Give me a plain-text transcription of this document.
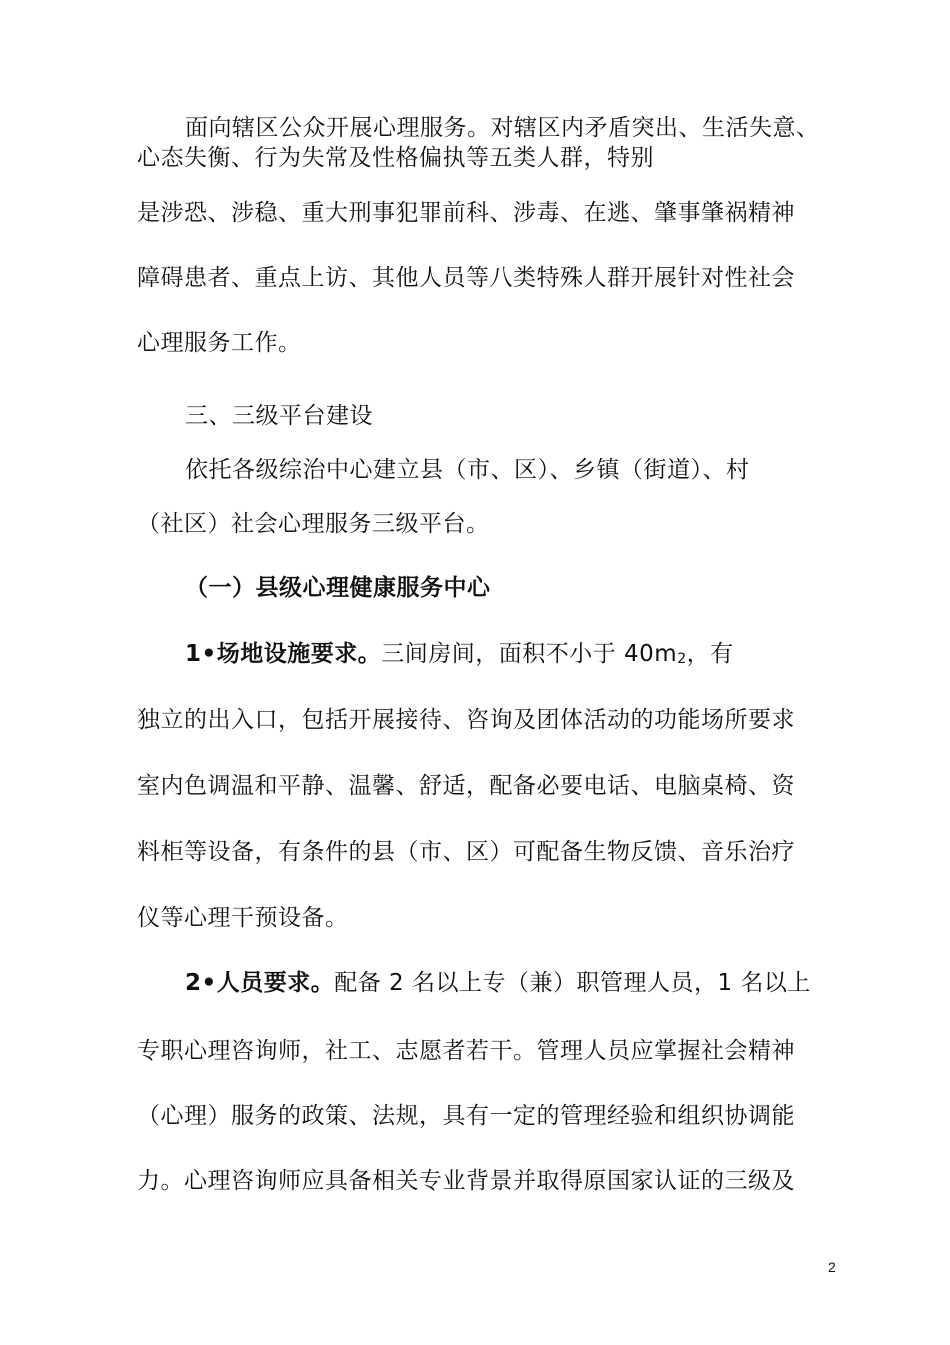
面向辖区公众开展心理服务。对辖区内矛盾突出、生活失意、
心态失衡、行为失常及性格偏执等五类人群，特别
是涉恐、涉稳、重大刑事犯罪前科、涉毒、在逃、肇事肇祸精神
障碍患者、重点上访、其他人员等八类特殊人群开展针对性社会
心理服务工作。
三、三级平台建设
依托各级综治中心建立县（市、区）、乡镇（街道）、村
（社区）社会心理服务三级平台。
（一）县级心理健康服务中心
1•场地设施要求。三间房间，面积不小于 $40m_2$，有
独立的出入口，包括开展接待、咨询及团体活动的功能场所要求
室内色调温和平静、温馨、舒适，配备必要电话、电脑桌椅、资
料柜等设备，有条件的县（市、区）可配备生物反馈、音乐治疗
仪等心理干预设备。
2•人员要求。配备 2 名以上专（兼）职管理人员，1 名以上
专职心理咨询师，社工、志愿者若干。管理人员应掌握社会精神
（心理）服务的政策、法规，具有一定的管理经验和组织协调能
力。心理咨询师应具备相关专业背景并取得原国家认证的三级及
2
